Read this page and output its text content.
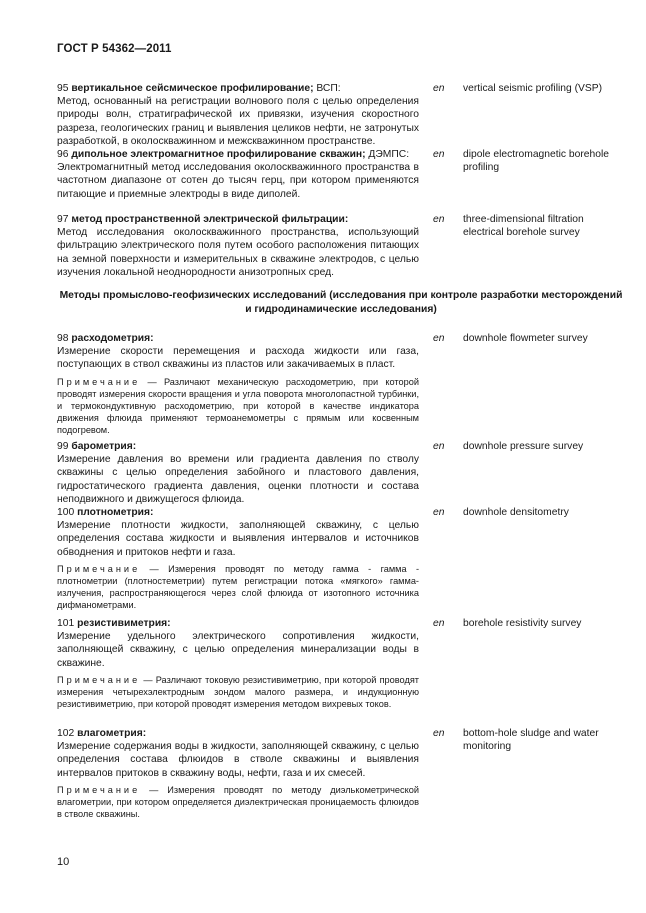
ГОСТ Р 54362—2011
95 вертикальное сейсмическое профилирование; ВСП:
Метод, основанный на регистрации волнового поля с целью определения природы волн, стратиграфической их привязки, изучения скоростного разреза, геологических границ и выявления целиков нефти, не затронутых разработкой, в околоскважинном и межскважинном пространстве.
en vertical seismic profiling (VSP)
96 дипольное электромагнитное профилирование скважин; ДЭМПС:
Электромагнитный метод исследования околоскважинного пространства в частотном диапазоне от сотен до тысяч герц, при котором применяются питающие и приемные электроды в виде диполей.
en dipole electromagnetic borehole profiling
97 метод пространственной электрической фильтрации:
Метод исследования околоскважинного пространства, использующий фильтрацию электрического поля путем особого расположения питающих на земной поверхности и измерительных в скважине электродов, с целью изучения локальной неоднородности анизотропных сред.
en three-dimensional filtration electrical borehole survey
Методы промыслово-геофизических исследований (исследования при контроле разработки месторождений и гидродинамические исследования)
98 расходометрия:
Измерение скорости перемещения и расхода жидкости или газа, поступающих в ствол скважины из пластов или закачиваемых в пласт.
Примечание — Различают механическую расходометрию, при которой проводят измерения скорости вращения и угла поворота многолопастной турбинки, и термокондуктивную расходометрию, при которой в качестве индикатора движения флюида применяют термоанемометры с прямым или косвенным подогревом.
en downhole flowmeter survey
99 барометрия:
Измерение давления во времени или градиента давления по стволу скважины с целью определения забойного и пластового давления, гидростатического градиента давления, оценки плотности и состава неподвижного и движущегося флюида.
en downhole pressure survey
100 плотнометрия:
Измерение плотности жидкости, заполняющей скважину, с целью определения состава жидкости и выявления интервалов и источников обводнения и притоков нефти и газа.
Примечание — Измерения проводят по методу гамма - гамма - плотнометрии (плотностеметрии) путем регистрации потока «мягкого» гамма-излучения, распространяющегося через слой флюида от изотопного источника дифманометрами.
en downhole densitometry
101 резистивиметрия:
Измерение удельного электрического сопротивления жидкости, заполняющей скважину, с целью определения минерализации воды в скважине.
Примечание — Различают токовую резистивиметрию, при которой проводят измерения четырехэлектродным зондом малого размера, и индукционную резистивиметрию, при которой проводят измерения методом вихревых токов.
en borehole resistivity survey
102 влагометрия:
Измерение содержания воды в жидкости, заполняющей скважину, с целью определения состава флюидов в стволе скважины и выявления интервалов притоков в скважину воды, нефти, газа и их смесей.
Примечание — Измерения проводят по методу диэлькометрической влагометрии, при котором определяется диэлектрическая проницаемость флюидов в стволе скважины.
en bottom-hole sludge and water monitoring
10
